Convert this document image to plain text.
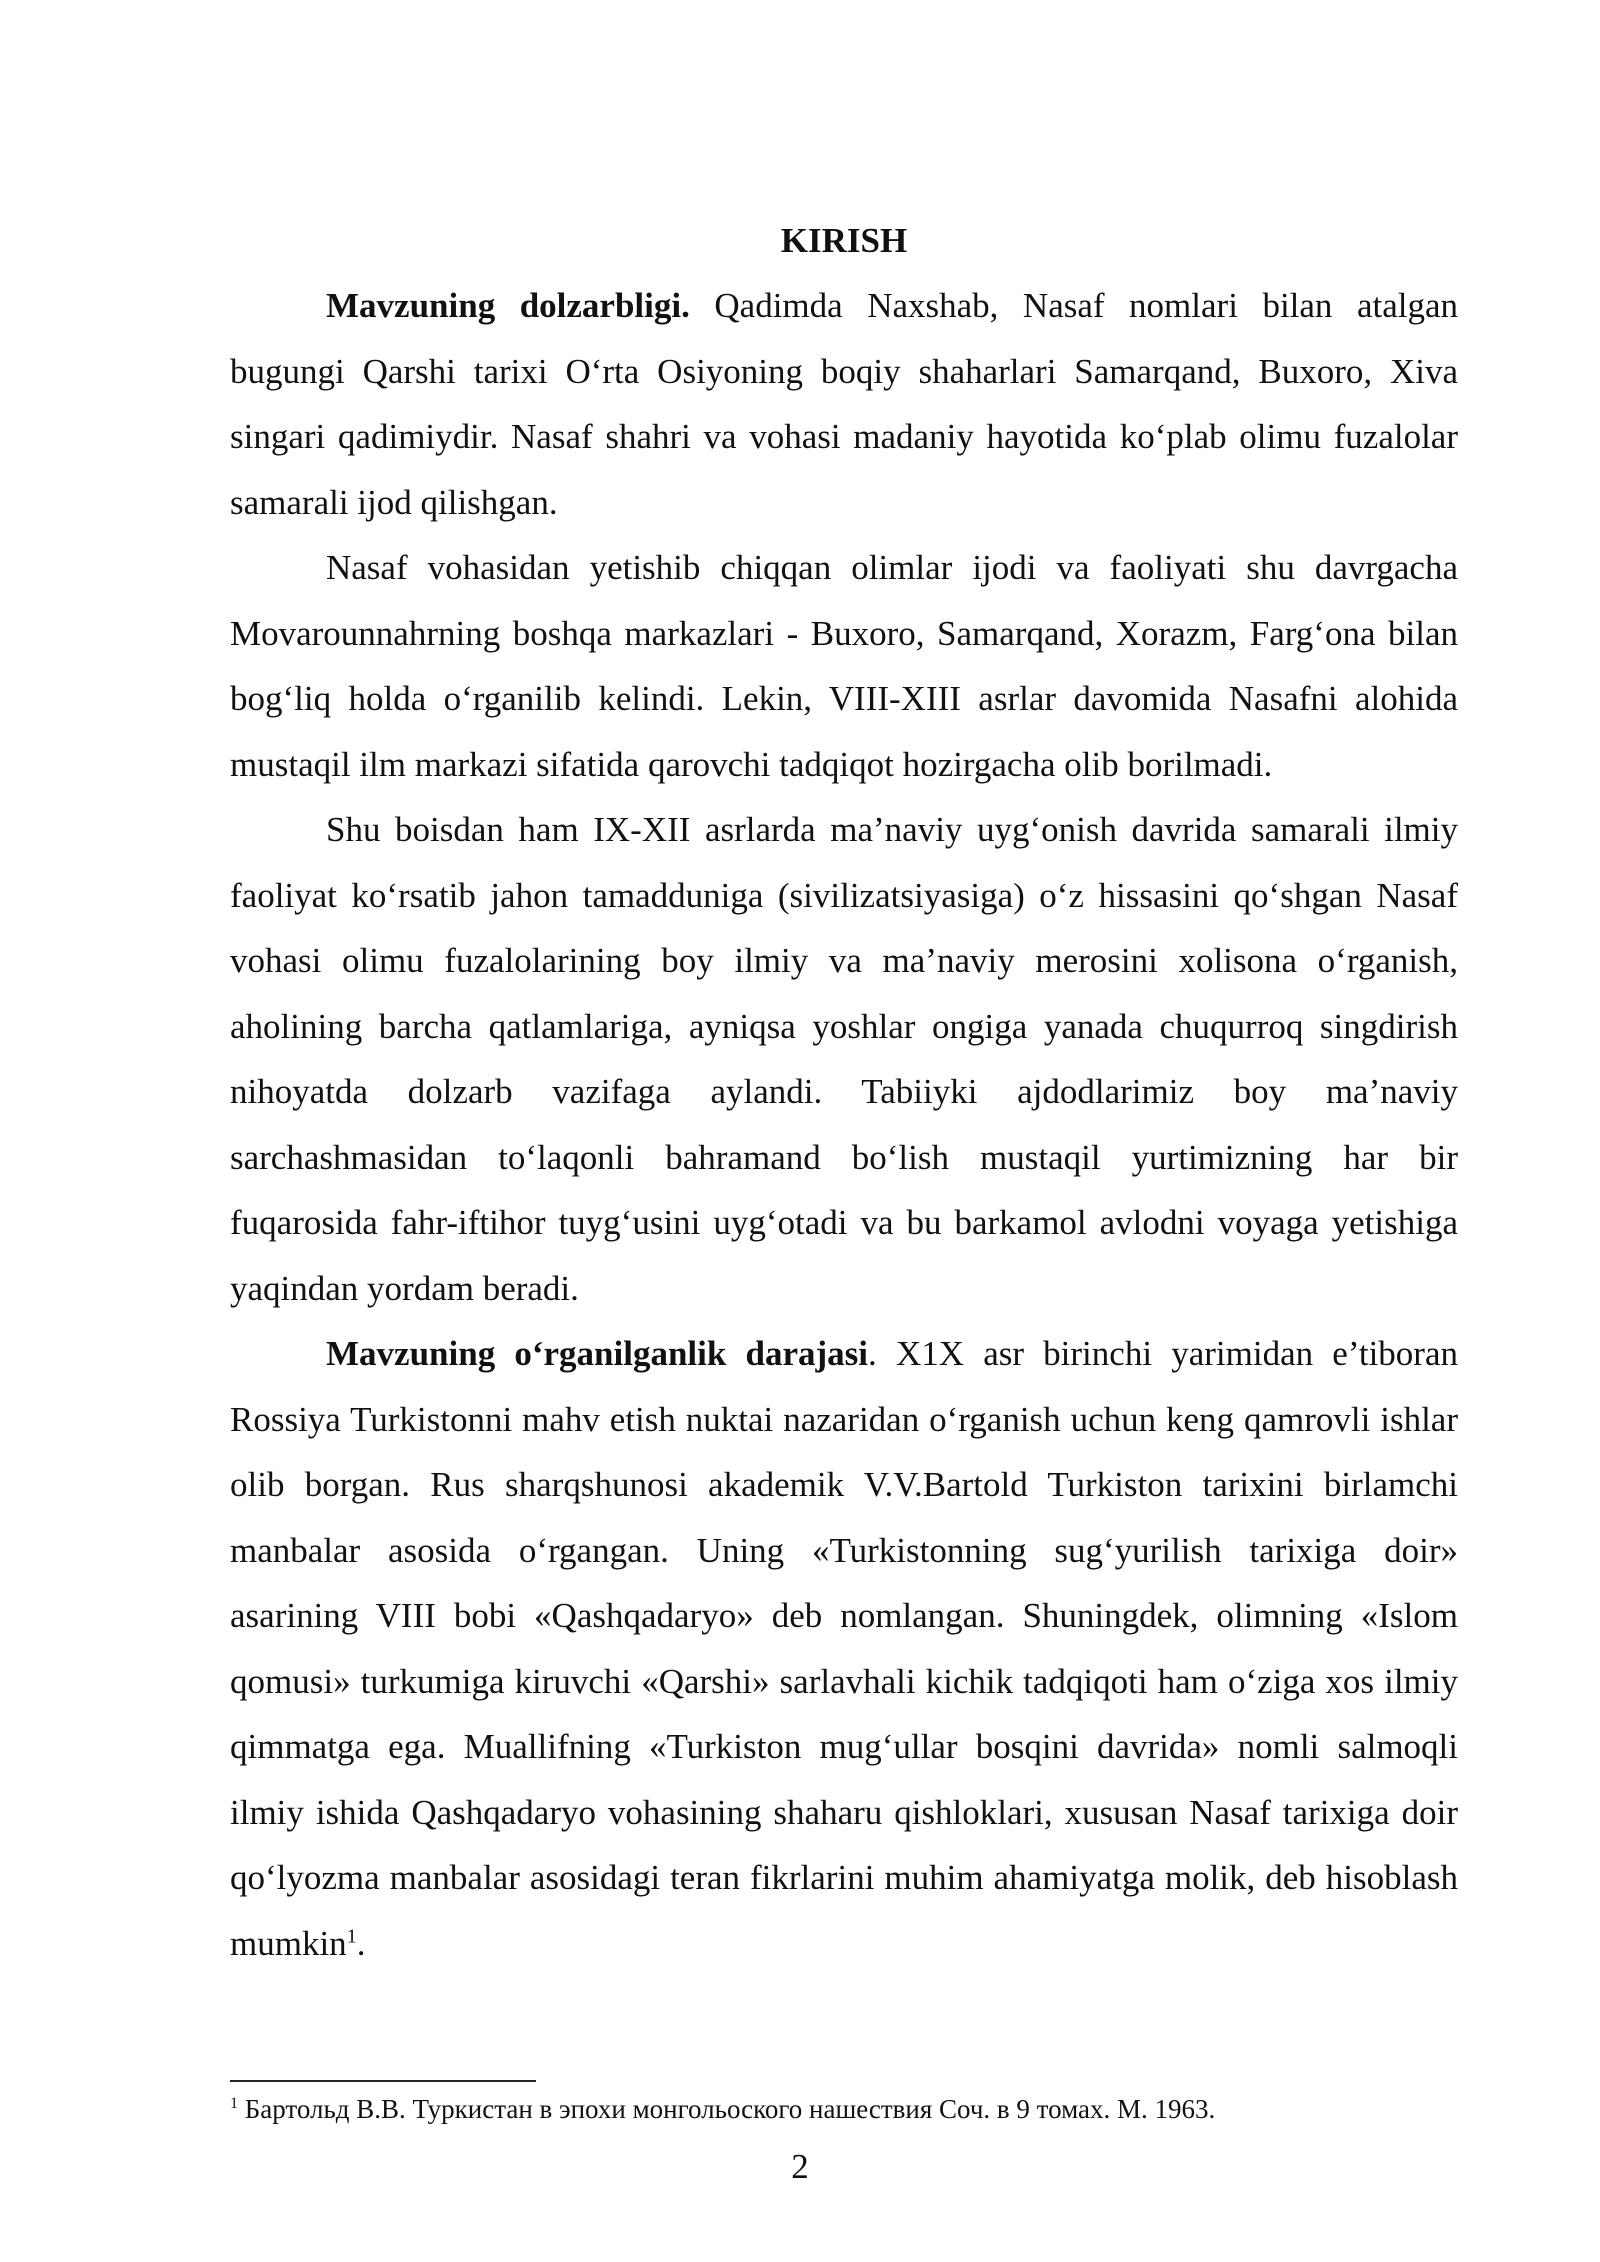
KIRISH

Mavzuning dolzarbligi. Qadimda Naxshab, Nasaf nomlari bilan atalgan bugungi Qarshi tarixi O‘rta Osiyoning boqiy shaharlari Samarqand, Buxoro, Xiva singari qadimiydir. Nasaf shahri va vohasi madaniy hayotida ko‘plab olimu fuzalolar samarali ijod qilishgan.

Nasaf vohasidan yetishib chiqqan olimlar ijodi va faoliyati shu davrgacha Movarounnahrning boshqa markazlari - Buxoro, Samarqand, Xorazm, Farg‘ona bilan bog‘liq holda o‘rganilib kelindi. Lekin, VIII-XIII asrlar davomida Nasafni alohida mustaqil ilm markazi sifatida qarovchi tadqiqot hozirgacha olib borilmadi.

Shu boisdan ham IX-XII asrlarda ma’naviy uyg‘onish davrida samarali ilmiy faoliyat ko‘rsatib jahon tamadduniga (sivilizatsiyasiga) o‘z hissasini qo‘shgan Nasaf vohasi olimu fuzalolarining boy ilmiy va ma’naviy merosini xolisona o‘rganish, aholining barcha qatlamlariga, ayniqsa yoshlar ongiga yanada chuqurroq singdirish nihoyatda dolzarb vazifaga aylandi. Tabiiyki ajdodlarimiz boy ma’naviy sarchashmasidan to‘laqonli bahramand bo‘lish mustaqil yurtimizning har bir fuqarosida fahr-iftihor tuyg‘usini uyg‘otadi va bu barkamol avlodni voyaga yetishiga yaqindan yordam beradi.

Mavzuning o‘rganilganlik darajasi. X1X asr birinchi yarimidan e’tiboran Rossiya Turkistonni mahv etish nuktai nazaridan o‘rganish uchun keng qamrovli ishlar olib borgan. Rus sharqshunosi akademik V.V.Bartold Turkiston tarixini birlamchi manbalar asosida o‘rgangan. Uning «Turkistonning sug‘yurilish tarixiga doir» asarining VIII bobi «Qashqadaryo» deb nomlangan. Shuningdek, olimning «Islom qomusi» turkumiga kiruvchi «Qarshi» sarlavhali kichik tadqiqoti ham o‘ziga xos ilmiy qimmatga ega. Muallifning «Turkiston mug‘ullar bosqini davrida» nomli salmoqli ilmiy ishida Qashqadaryo vohasining shaharu qishloklari, xususan Nasaf tarixiga doir qo‘lyozma manbalar asosidagi teran fikrlarini muhim ahamiyatga molik, deb hisoblash mumkin$^1$.

$^1$ Бартольд В.В. Туркистан в эпохи монгольоского нашествия Соч. в 9 томах. М. 1963.
2
